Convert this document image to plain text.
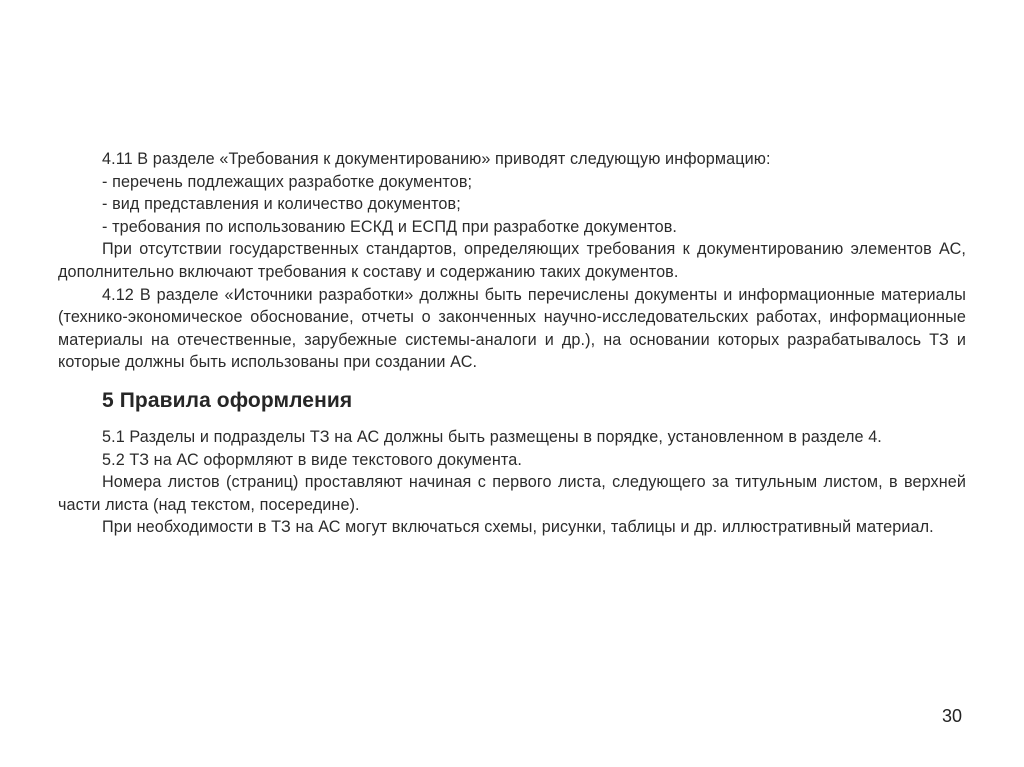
4.11 В разделе «Требования к документированию» приводят следующую информацию:

- перечень подлежащих разработке документов;

- вид представления и количество документов;

- требования по использованию ЕСКД и ЕСПД при разработке документов.

При отсутствии государственных стандартов, определяющих требования к документированию элементов АС, дополнительно включают требования к составу и содержанию таких документов.

4.12 В разделе «Источники разработки» должны быть перечислены документы и информационные материалы (технико-экономическое обоснование, отчеты о законченных научно-исследовательских работах, информационные материалы на отечественные, зарубежные системы-аналоги и др.), на основании которых разрабатывалось ТЗ и которые должны быть использованы при создании АС.

5 Правила оформления

5.1 Разделы и подразделы ТЗ на АС должны быть размещены в порядке, установленном в разделе 4.

5.2 ТЗ на АС оформляют в виде текстового документа.

Номера листов (страниц) проставляют начиная с первого листа, следующего за титульным листом, в верхней части листа (над текстом, посередине).

При необходимости в ТЗ на АС могут включаться схемы, рисунки, таблицы и др. иллюстративный материал.

30
